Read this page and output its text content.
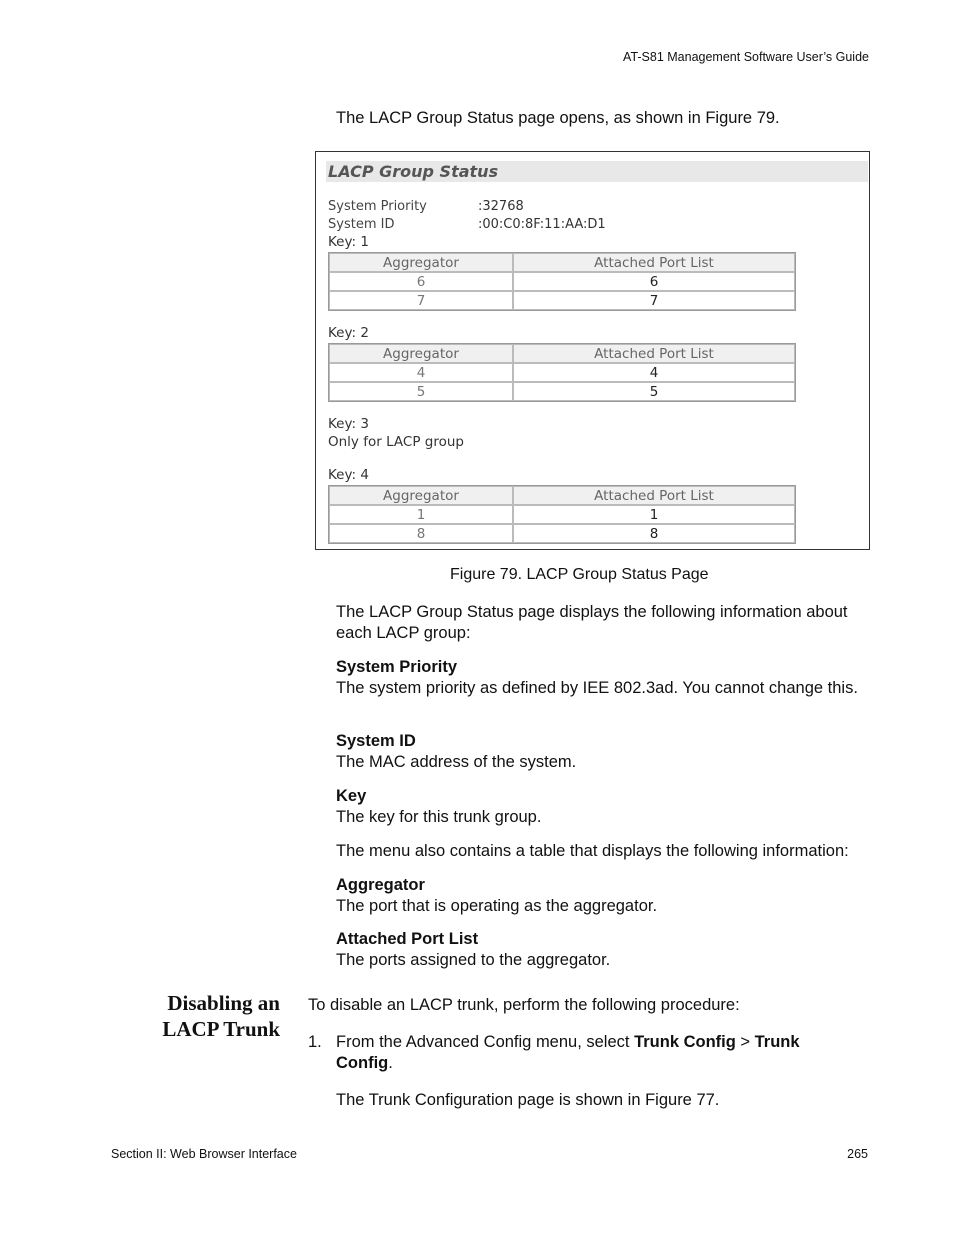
AT-S81 Management Software User’s Guide
The LACP Group Status page opens, as shown in Figure 79.
LACP Group Status
System Priority	:32768
System ID	:00:C0:8F:11:AA:D1
Key: 1
Aggregator	Attached Port List
6	6
7	7
Key: 2
Aggregator	Attached Port List
4	4
5	5
Key: 3
Only for LACP group
Key: 4
Aggregator	Attached Port List
1	1
8	8
Figure 79. LACP Group Status Page
The LACP Group Status page displays the following information about each LACP group:
System Priority
The system priority as defined by IEE 802.3ad. You cannot change this.
System ID
The MAC address of the system.
Key
The key for this trunk group.
The menu also contains a table that displays the following information:
Aggregator
The port that is operating as the aggregator.
Attached Port List
The ports assigned to the aggregator.
Disabling an
LACP Trunk
To disable an LACP trunk, perform the following procedure:
1. From the Advanced Config menu, select Trunk Config > Trunk Config.
The Trunk Configuration page is shown in Figure 77.
Section II: Web Browser Interface	265
